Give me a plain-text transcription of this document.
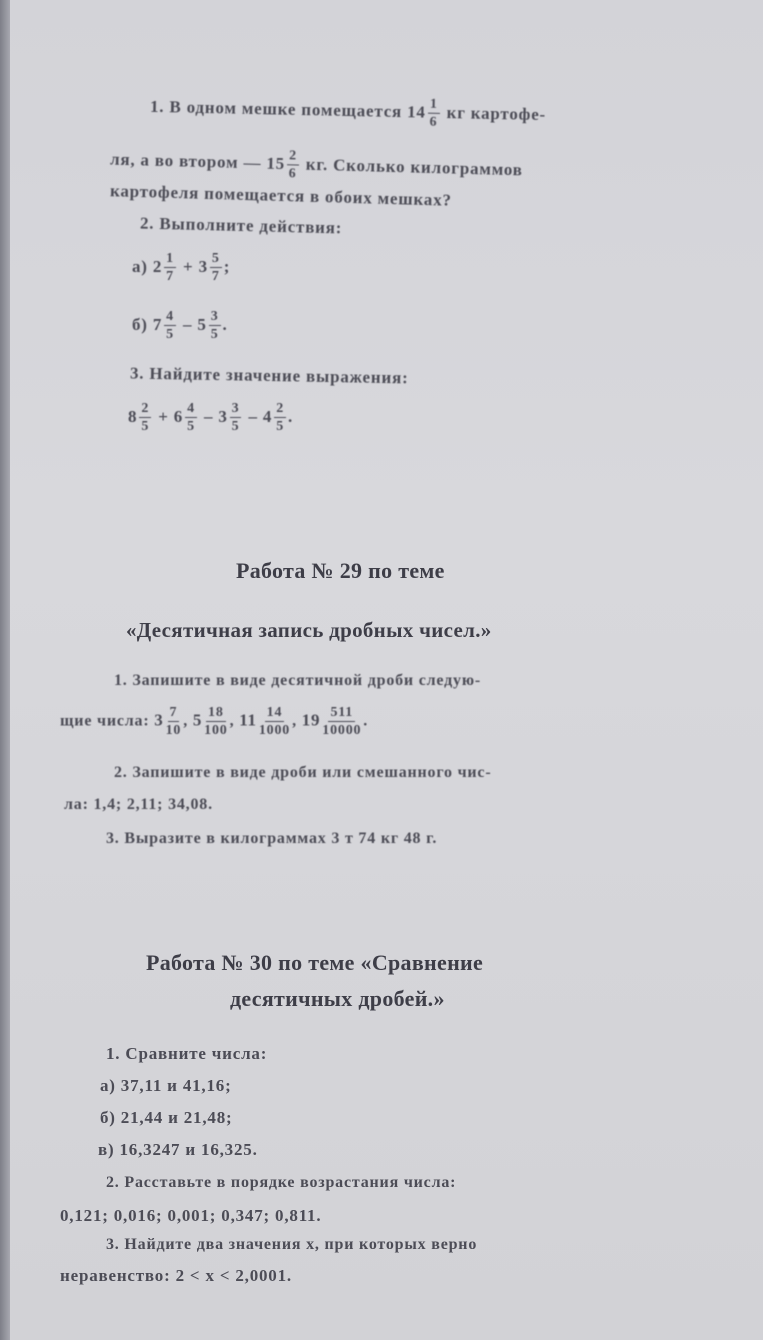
1. В одном мешке помещается $14 \frac{1}{6}$ кг картофе-
ля, а во втором — $15 \frac{2}{6}$ кг. Сколько килограммов
картофеля помещается в обоих мешках?
2. Выполните действия:
а) $2 \frac{1}{7} + 3 \frac{5}{7}$ ;
б) $7 \frac{4}{5} - 5 \frac{3}{5}$ .
3. Найдите значение выражения:
$8 \frac{2}{5} + 6 \frac{4}{5} - 3 \frac{3}{5} - 4 \frac{2}{5}$ .
Работа № 29 по теме
«Десятичная запись дробных чисел.»
1. Запишите в виде десятичной дроби следую-
щие числа: $3 \frac{7}{10}$ , $5 \frac{18}{100}$ , $11 \frac{14}{1000}$ , $19 \frac{511}{10000}$ .
2. Запишите в виде дроби или смешанного чис-
ла: 1,4; 2,11; 34,08.
3. Выразите в килограммах 3 т 74 кг 48 г.
Работа № 30 по теме «Сравнение
десятичных дробей.»
1. Сравните числа:
а) 37,11 и 41,16;
б) 21,44 и 21,48;
в) 16,3247 и 16,325.
2. Расставьте в порядке возрастания числа:
0,121; 0,016; 0,001; 0,347; 0,811.
3. Найдите два значения x, при которых верно
неравенство: 2 < x < 2,0001.
